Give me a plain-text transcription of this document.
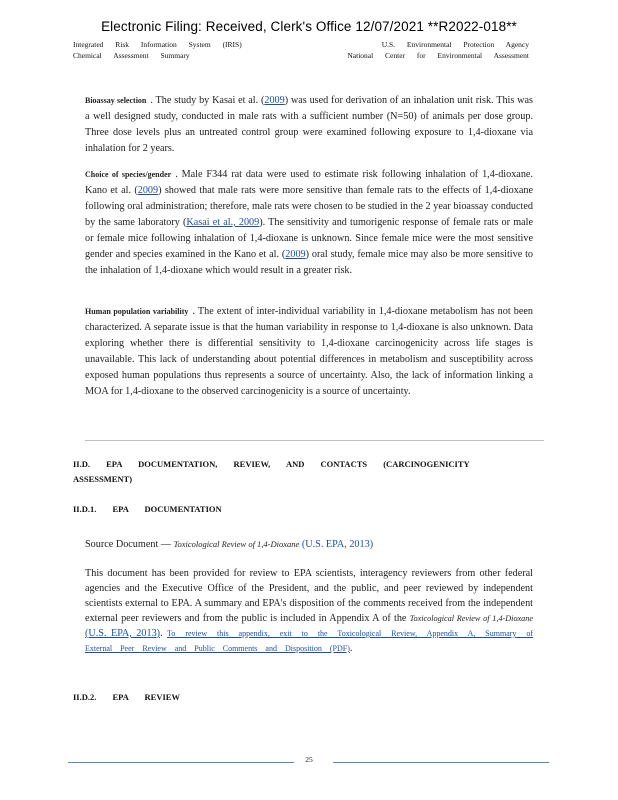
Electronic Filing: Received, Clerk's Office 12/07/2021 **R2022-018**
Integrated Risk Information System (IRIS)
Chemical Assessment Summary
U.S. Environmental Protection Agency
National Center for Environmental Assessment
Bioassay selection . The study by Kasai et al. (2009) was used for derivation of an inhalation unit risk. This was a well designed study, conducted in male rats with a sufficient number (N=50) of animals per dose group. Three dose levels plus an untreated control group were examined following exposure to 1,4-dioxane via inhalation for 2 years.
Choice of species/gender . Male F344 rat data were used to estimate risk following inhalation of 1,4-dioxane. Kano et al. (2009) showed that male rats were more sensitive than female rats to the effects of 1,4-dioxane following oral administration; therefore, male rats were chosen to be studied in the 2 year bioassay conducted by the same laboratory (Kasai et al., 2009). The sensitivity and tumorigenic response of female rats or male or female mice following inhalation of 1,4-dioxane is unknown. Since female mice were the most sensitive gender and species examined in the Kano et al. (2009) oral study, female mice may also be more sensitive to the inhalation of 1,4-dioxane which would result in a greater risk.
Human population variability . The extent of inter-individual variability in 1,4-dioxane metabolism has not been characterized. A separate issue is that the human variability in response to 1,4-dioxane is also unknown. Data exploring whether there is differential sensitivity to 1,4-dioxane carcinogenicity across life stages is unavailable. This lack of understanding about potential differences in metabolism and susceptibility across exposed human populations thus represents a source of uncertainty. Also, the lack of information linking a MOA for 1,4-dioxane to the observed carcinogenicity is a source of uncertainty.
II.D. EPA DOCUMENTATION, REVIEW, AND CONTACTS (CARCINOGENICITY ASSESSMENT)
II.D.1. EPA DOCUMENTATION
Source Document — Toxicological Review of 1,4-Dioxane (U.S. EPA, 2013)
This document has been provided for review to EPA scientists, interagency reviewers from other federal agencies and the Executive Office of the President, and the public, and peer reviewed by independent scientists external to EPA. A summary and EPA's disposition of the comments received from the independent external peer reviewers and from the public is included in Appendix A of the Toxicological Review of 1,4-Dioxane (U.S. EPA, 2013). To review this appendix, exit to the Toxicological Review, Appendix A, Summary of External Peer Review and Public Comments and Disposition (PDF).
II.D.2. EPA REVIEW
25
